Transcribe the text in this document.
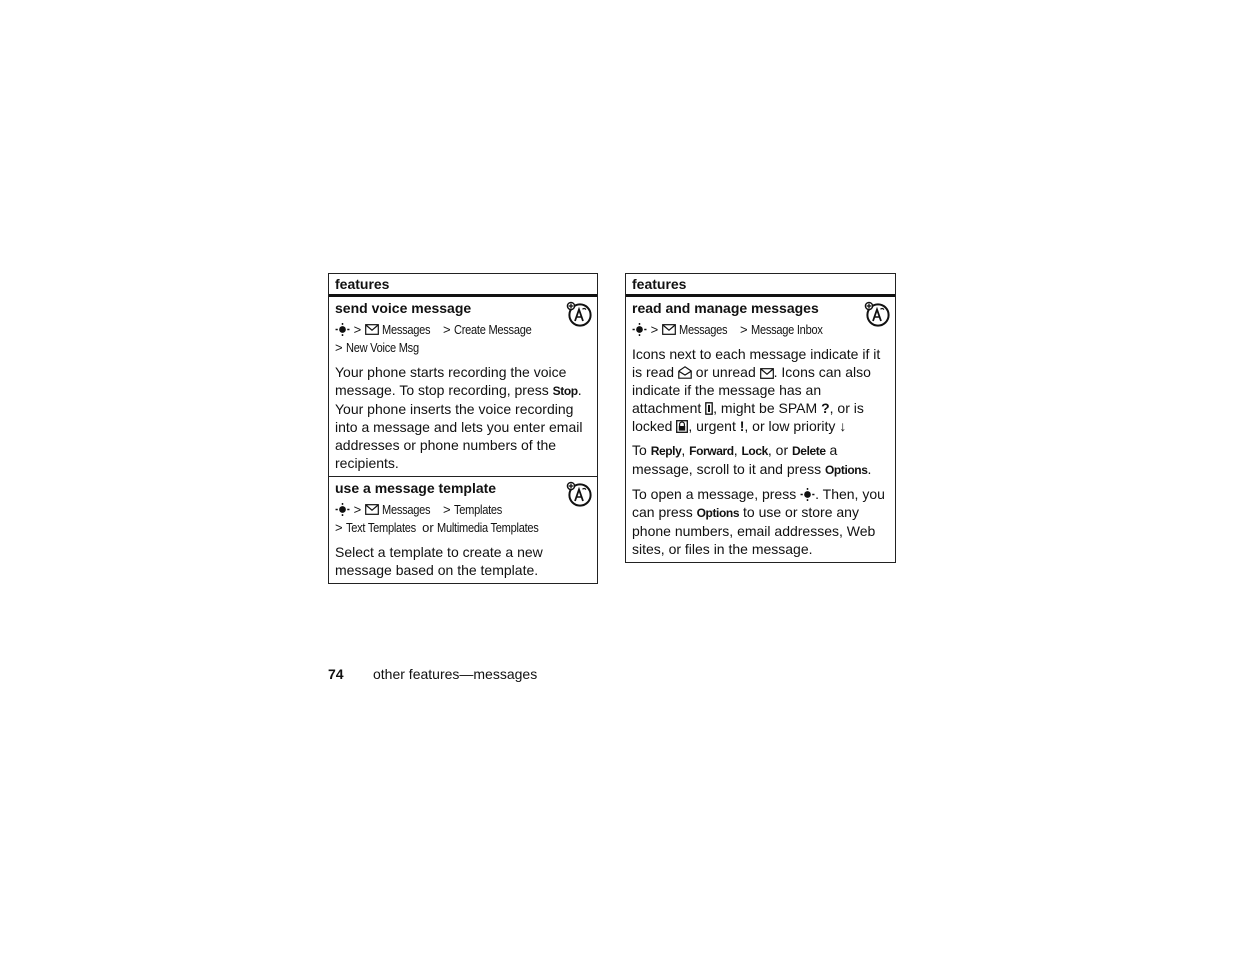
features
send voice message
> Messages > Create Message
> New Voice Msg
Your phone starts recording the voice message. To stop recording, press Stop. Your phone inserts the voice recording into a message and lets you enter email addresses or phone numbers of the recipients.
use a message template
> Messages > Templates
> Text Templates or Multimedia Templates
Select a template to create a new message based on the template.
features
read and manage messages
> Messages > Message Inbox
Icons next to each message indicate if it is read  or unread . Icons can also indicate if the message has an attachment , might be SPAM ?, or is locked , urgent !, or low priority ↓
To Reply, Forward, Lock, or Delete a message, scroll to it and press Options.
To open a message, press . Then, you can press Options to use or store any phone numbers, email addresses, Web sites, or files in the message.
74 other features—messages
